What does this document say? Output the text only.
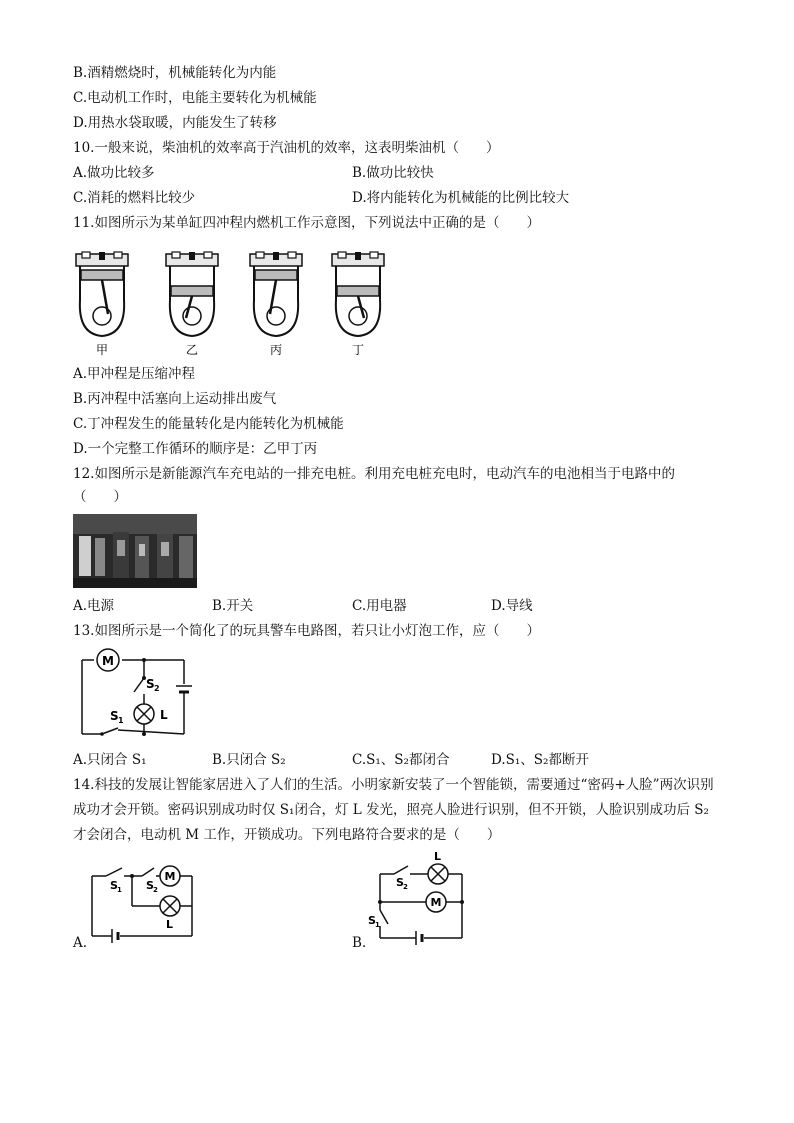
B.酒精燃烧时，机械能转化为内能
C.电动机工作时，电能主要转化为机械能
D.用热水袋取暖，内能发生了转移
10.一般来说，柴油机的效率高于汽油机的效率，这表明柴油机（　　）
A.做功比较多	B.做功比较快
C.消耗的燃料比较少	D.将内能转化为机械能的比例比较大
11.如图所示为某单缸四冲程内燃机工作示意图，下列说法中正确的是（　　）
甲	乙	丙	丁
A.甲冲程是压缩冲程
B.丙冲程中活塞向上运动排出废气
C.丁冲程发生的能量转化是内能转化为机械能
D.一个完整工作循环的顺序是：乙甲丁丙
12.如图所示是新能源汽车充电站的一排充电桩。利用充电桩充电时，电动汽车的电池相当于电路中的
（　　）
A.电源	B.开关	C.用电器	D.导线
13.如图所示是一个简化了的玩具警车电路图，若只让小灯泡工作，应（　　）
M
L
S 2
S 1
A.只闭合 S₁	B.只闭合 S₂	C.S₁、S₂都闭合	D.S₁、S₂都断开
14.科技的发展让智能家居进入了人们的生活。小明家新安装了一个智能锁，需要通过“密码+人脸”两次识别
成功才会开锁。密码识别成功时仅 S₁闭合，灯 L 发光，照亮人脸进行识别，但不开锁，人脸识别成功后 S₂
才会闭合，电动机 M 工作，开锁成功。下列电路符合要求的是（　　）
A.
M
L
S 1 S 2
B.
L
M
S 2
S 1
